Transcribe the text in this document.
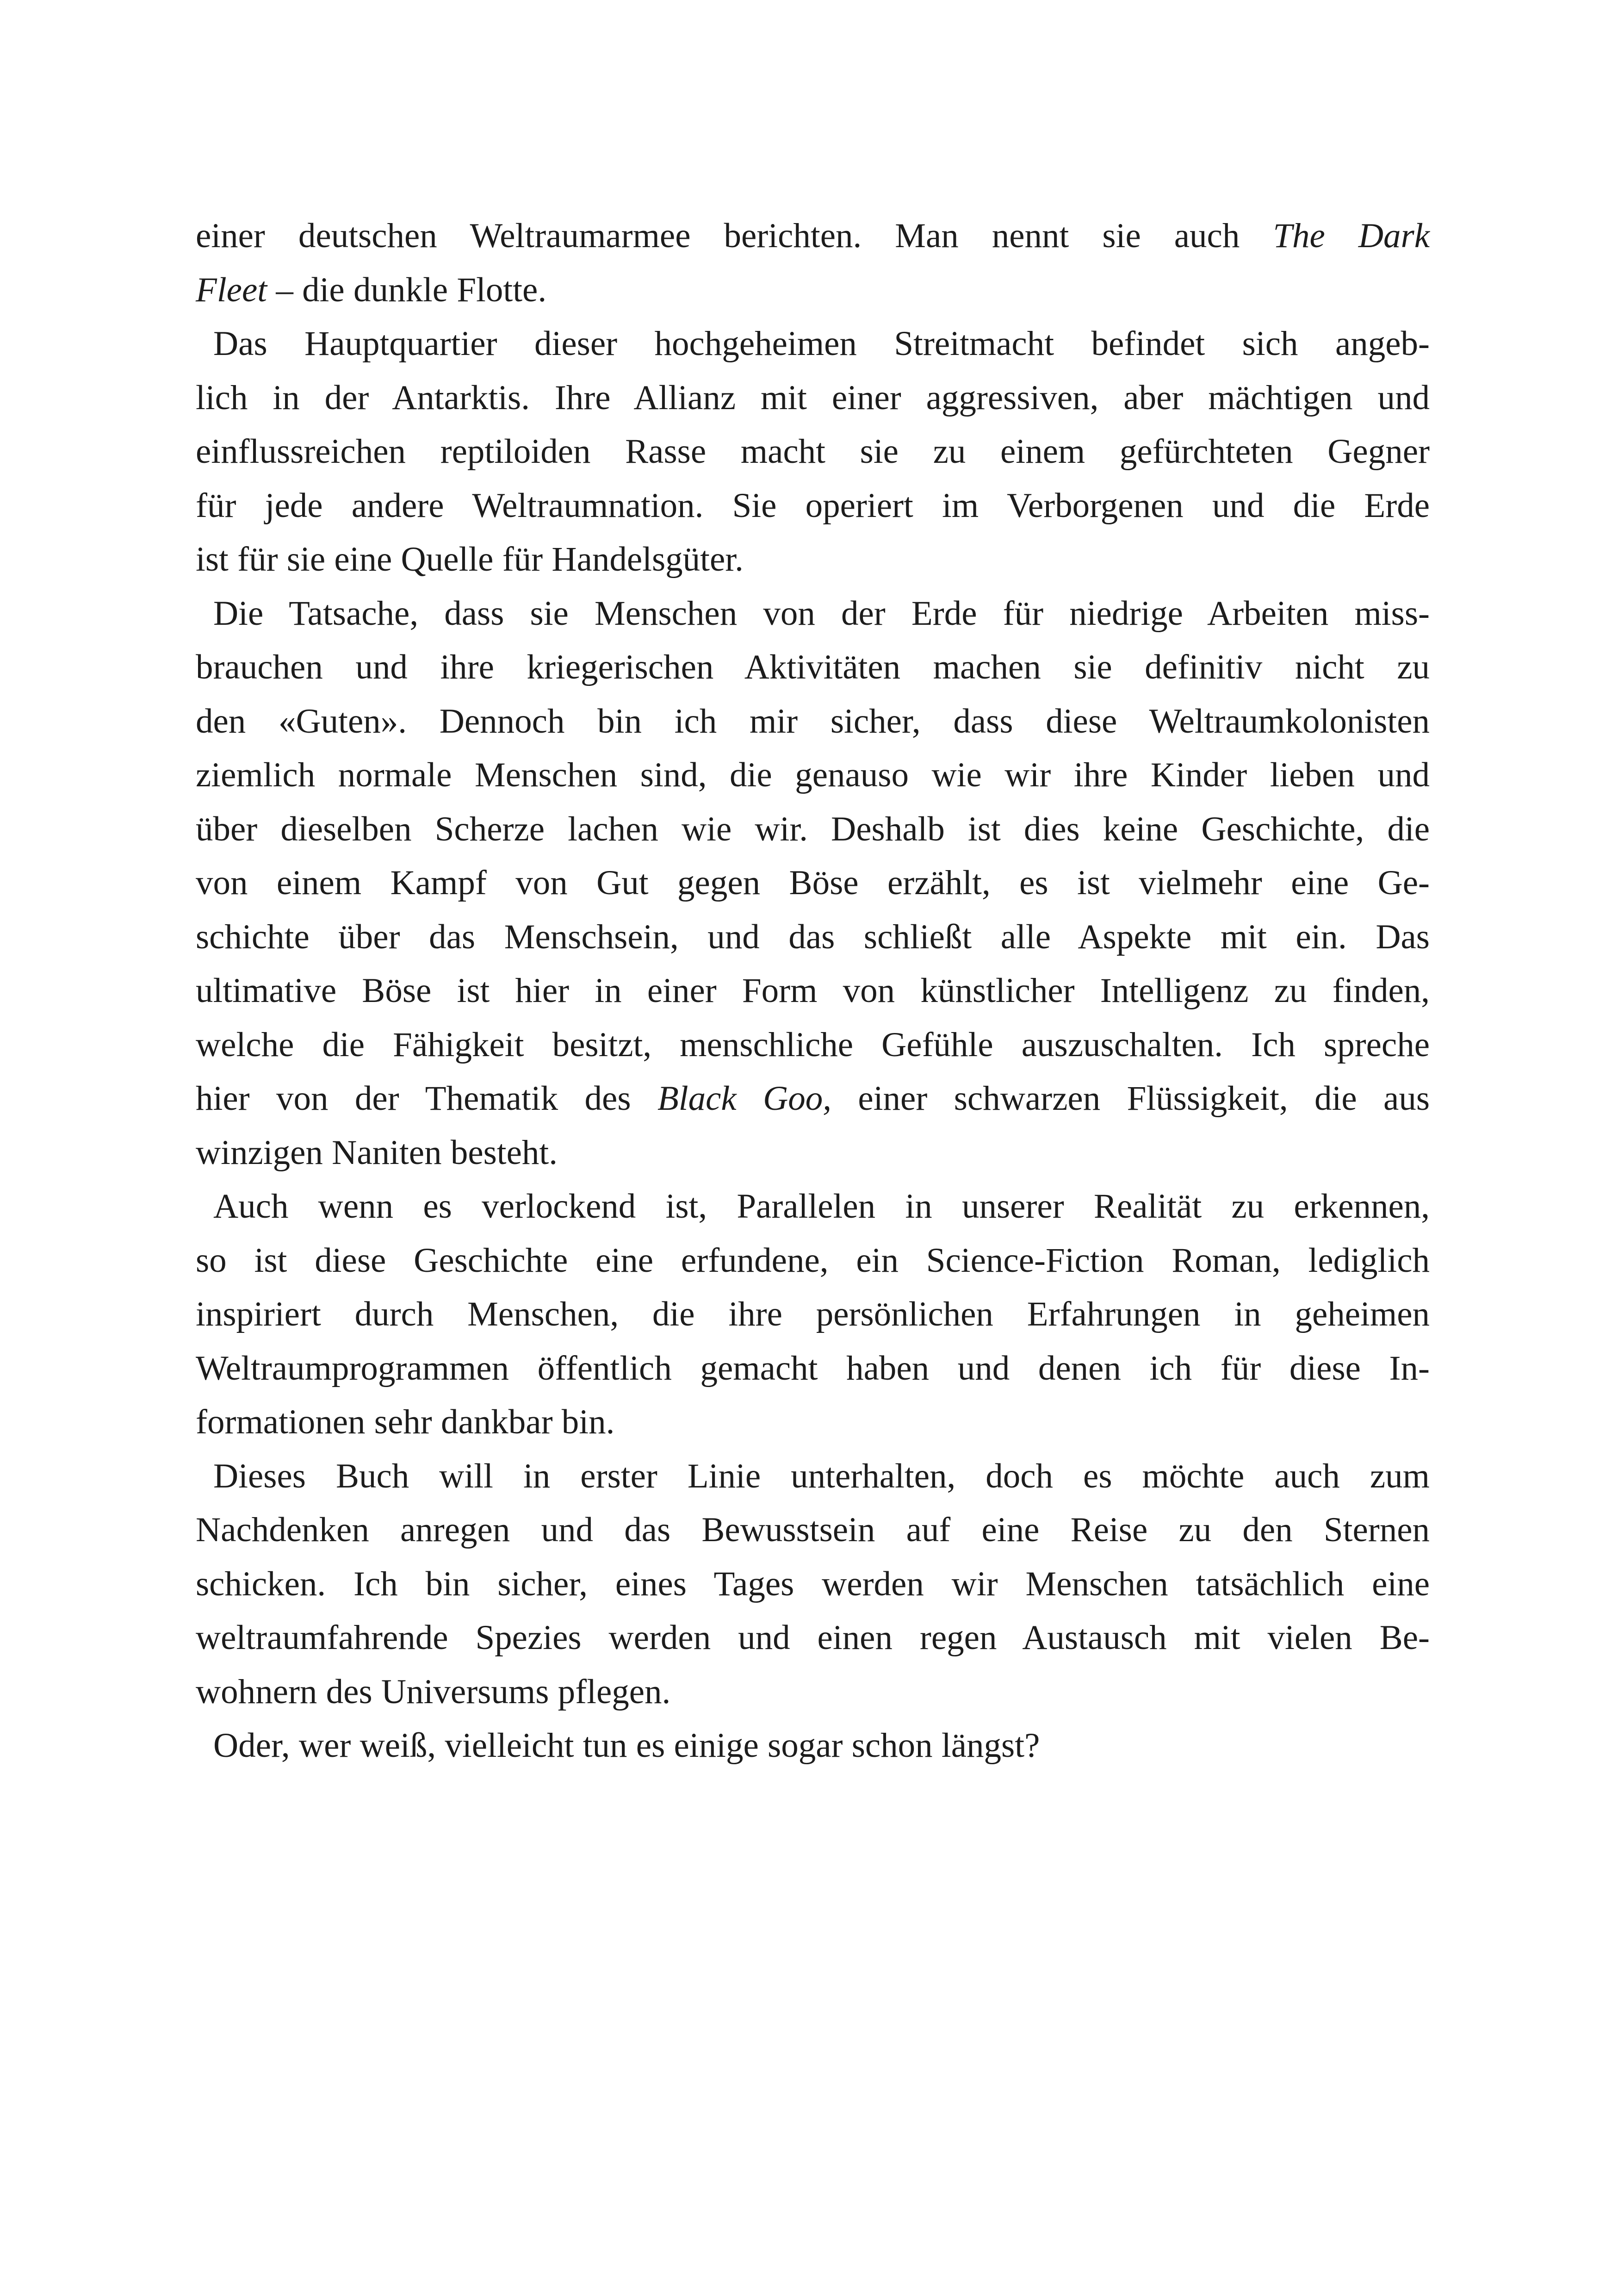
einer deutschen Weltraumarmee berichten. Man nennt sie auch The Dark
Fleet – die dunkle Flotte.

Das Hauptquartier dieser hochgeheimen Streitmacht befindet sich angeb-
lich in der Antarktis. Ihre Allianz mit einer aggressiven, aber mächtigen und
einflussreichen reptiloiden Rasse macht sie zu einem gefürchteten Gegner
für jede andere Weltraumnation. Sie operiert im Verborgenen und die Erde
ist für sie eine Quelle für Handelsgüter.

Die Tatsache, dass sie Menschen von der Erde für niedrige Arbeiten miss-
brauchen und ihre kriegerischen Aktivitäten machen sie definitiv nicht zu
den «Guten». Dennoch bin ich mir sicher, dass diese Weltraumkolonisten
ziemlich normale Menschen sind, die genauso wie wir ihre Kinder lieben und
über dieselben Scherze lachen wie wir. Deshalb ist dies keine Geschichte, die
von einem Kampf von Gut gegen Böse erzählt, es ist vielmehr eine Ge-
schichte über das Menschsein, und das schließt alle Aspekte mit ein. Das
ultimative Böse ist hier in einer Form von künstlicher Intelligenz zu finden,
welche die Fähigkeit besitzt, menschliche Gefühle auszuschalten. Ich spreche
hier von der Thematik des Black Goo, einer schwarzen Flüssigkeit, die aus
winzigen Naniten besteht.

Auch wenn es verlockend ist, Parallelen in unserer Realität zu erkennen,
so ist diese Geschichte eine erfundene, ein Science-Fiction Roman, lediglich
inspiriert durch Menschen, die ihre persönlichen Erfahrungen in geheimen
Weltraumprogrammen öffentlich gemacht haben und denen ich für diese In-
formationen sehr dankbar bin.

Dieses Buch will in erster Linie unterhalten, doch es möchte auch zum
Nachdenken anregen und das Bewusstsein auf eine Reise zu den Sternen
schicken. Ich bin sicher, eines Tages werden wir Menschen tatsächlich eine
weltraumfahrende Spezies werden und einen regen Austausch mit vielen Be-
wohnern des Universums pflegen.

Oder, wer weiß, vielleicht tun es einige sogar schon längst?
